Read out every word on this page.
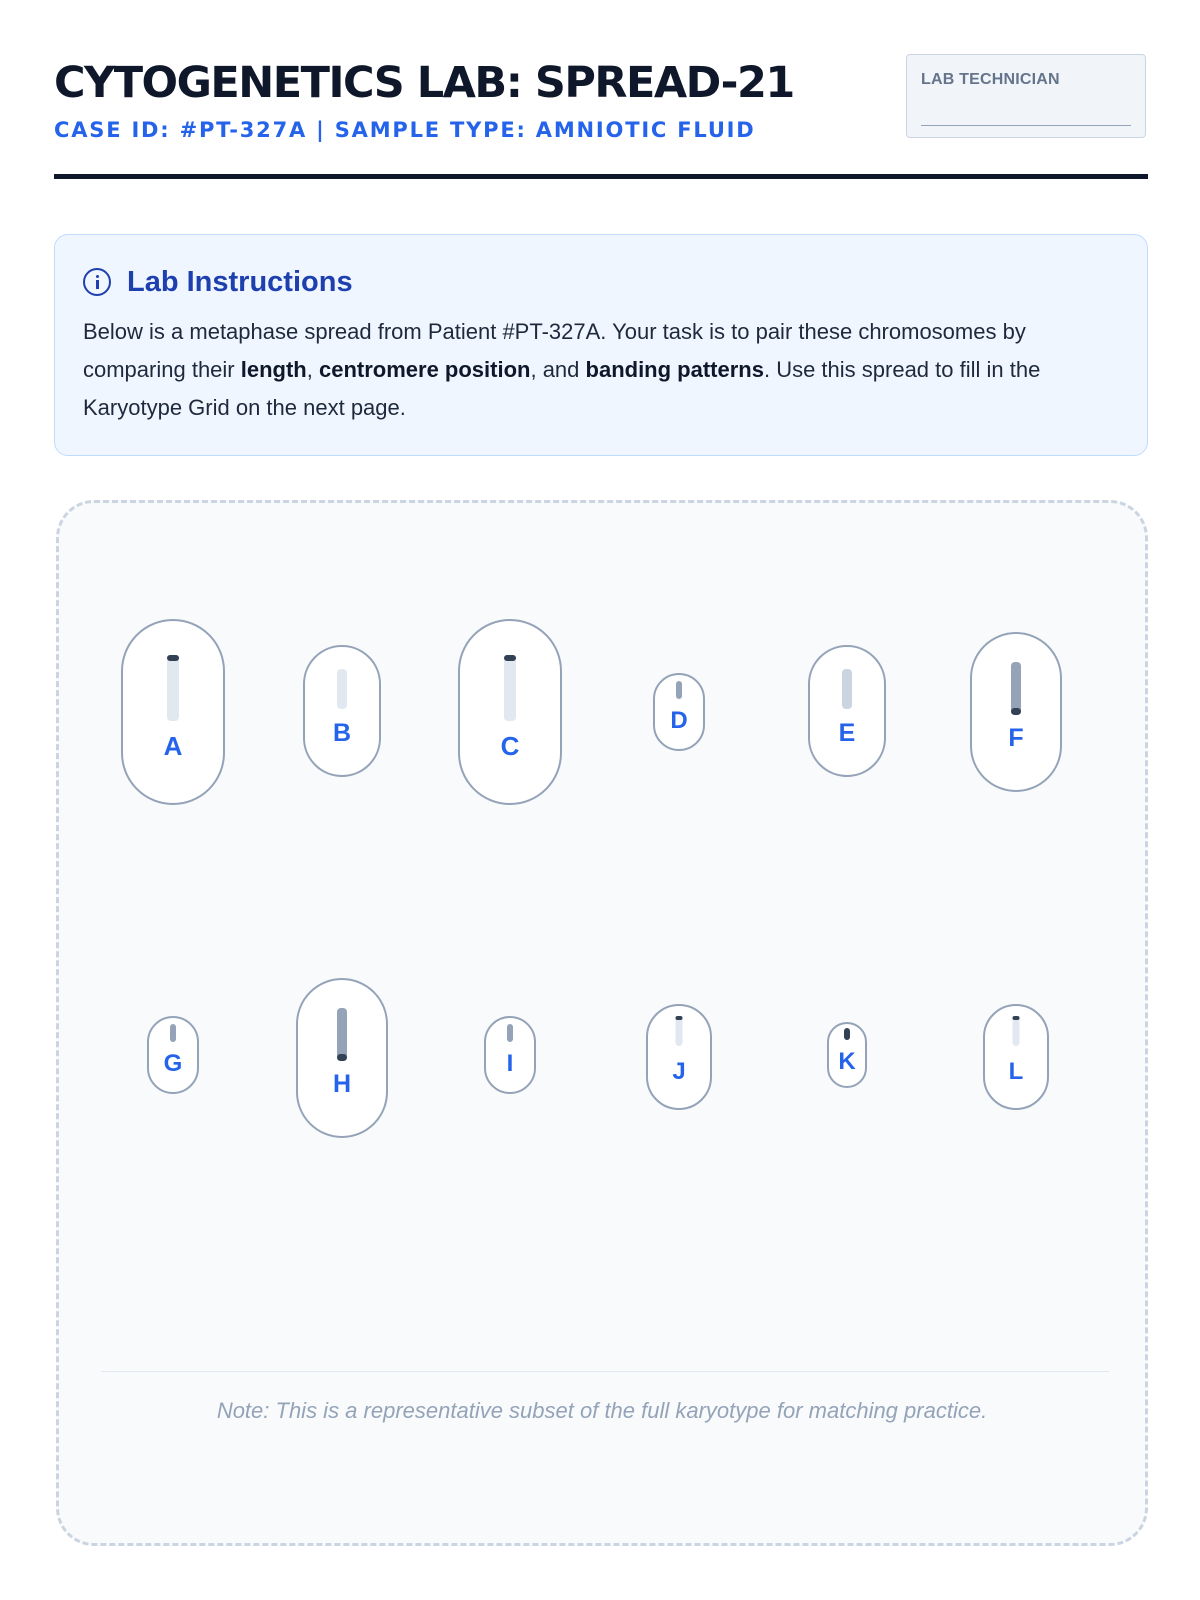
CYTOGENETICS LAB: SPREAD-21
CASE ID: #PT-327A | SAMPLE TYPE: AMNIOTIC FLUID
LAB TECHNICIAN
Lab Instructions

Below is a metaphase spread from Patient #PT-327A. Your task is to pair these chromosomes by comparing their length, centromere position, and banding patterns. Use this spread to fill in the Karyotype Grid on the next page.

Note: This is a representative subset of the full karyotype for matching practice.
A	B	C
D	E	F
G
H
I	J	K	L
